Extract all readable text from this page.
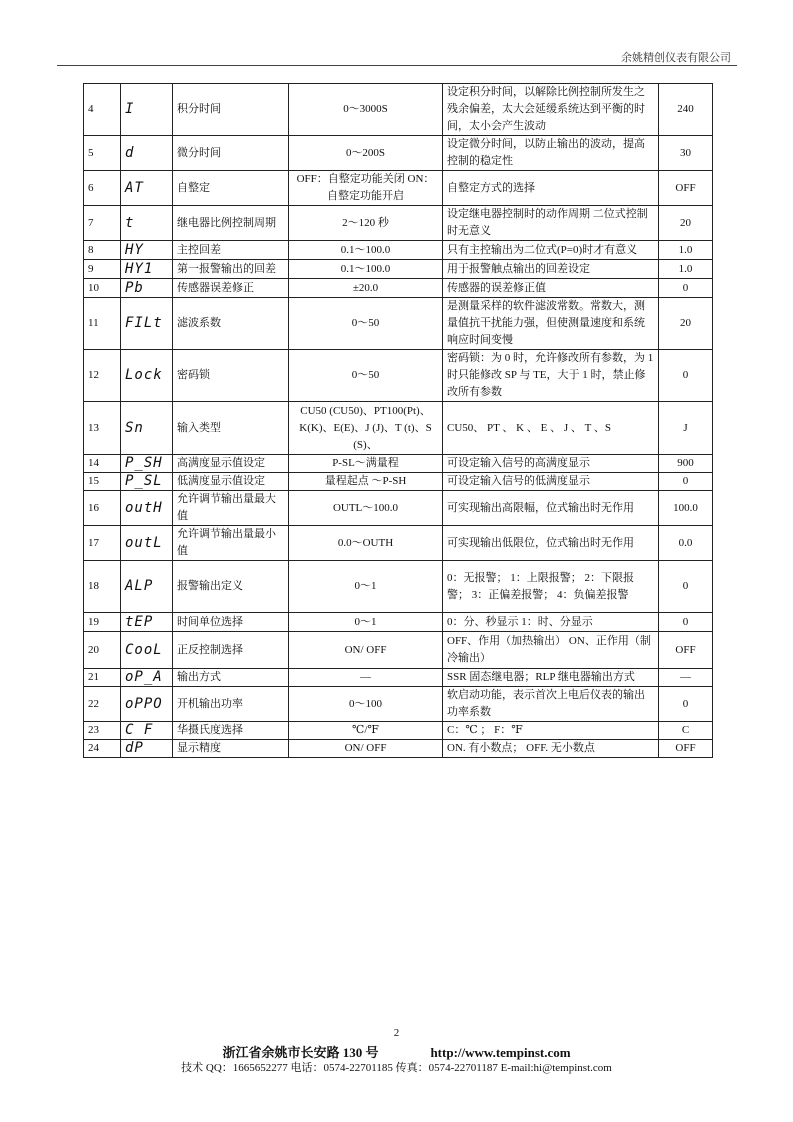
余姚精创仪表有限公司
4	I	积分时间	0～3000S	设定积分时间，以解除比例控制所发生之残余偏差，太大会延缓系统达到平衡的时间，太小会产生波动	240
5	d	微分时间	0～200S	设定微分时间，以防止输出的波动，提高控制的稳定性	30
6	AT	自整定	OFF：自整定功能关闭 ON：自整定功能开启	自整定方式的选择	OFF
7	t	继电器比例控制周期	2～120 秒	设定继电器控制时的动作周期 二位式控制时无意义	20
8	HY	主控回差	0.1～100.0	只有主控输出为二位式(P=0)时才有意义	1.0
9	HY1	第一报警输出的回差	0.1～100.0	用于报警触点输出的回差设定	1.0
10	Pb	传感器误差修正	±20.0	传感器的误差修正值	0
11	FILt	滤波系数	0～50	是测量采样的软件滤波常数。常数大，测量值抗干扰能力强，但使测量速度和系统响应时间变慢	20
12	Lock	密码锁	0～50	密码锁：为 0 时，允许修改所有参数，为 1 时只能修改 SP 与 TE，大于 1 时，禁止修改所有参数	0
13	Sn	输入类型	CU50 (CU50)、PT100(Pt)、K(K)、E(E)、J (J)、T (t)、S (S)、	CU50、 PT 、 K 、 E 、 J 、 T 、S	J
14	P_SH	高满度显示值设定	P-SL～满量程	可设定输入信号的高满度显示	900
15	P_SL	低满度显示值设定	量程起点 ～P-SH	可设定输入信号的低满度显示	0
16	outH	允许调节输出量最大值	OUTL～100.0	可实现输出高限幅，位式输出时无作用	100.0
17	outL	允许调节输出量最小值	0.0～OUTH	可实现输出低限位，位式输出时无作用	0.0
18	ALP	报警输出定义	0～1	0：无报警； 1：上限报警； 2：下限报警； 3：正偏差报警； 4：负偏差报警	0
19	tEP	时间单位选择	0～1	0：分、秒显示 1：时、分显示	0
20	CooL	正反控制选择	ON/ OFF	OFF、作用（加热输出） ON、正作用（制冷输出）	OFF
21	oP_A	输出方式	—	SSR 固态继电器；RLP 继电器输出方式	—
22	oPPO	开机输出功率	0～100	软启动功能，表示首次上电后仪表的输出功率系数	0
23	C F	华摄氏度选择	℃/℉	C：℃ ； F：℉	C
24	dP	显示精度	ON/ OFF	ON. 有小数点； OFF. 无小数点	OFF
2
浙江省余姚市长安路 130 号	http://www.tempinst.com
技术 QQ：1665652277 电话：0574-22701185 传真：0574-22701187 E-mail:hi@tempinst.com
